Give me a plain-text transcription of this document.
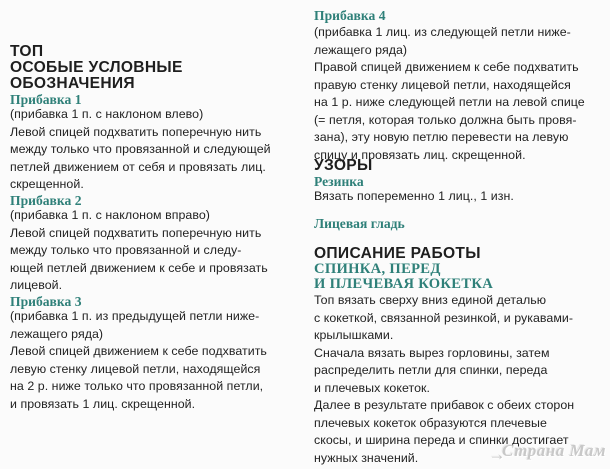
ТОП
ОСОБЫЕ УСЛОВНЫЕ
ОБОЗНАЧЕНИЯ
Прибавка 1
(прибавка 1 п. с наклоном влево)
Левой спицей подхватить поперечную нить
между только что провязанной и следующей
петлей движением от себя и провязать лиц.
скрещенной.
Прибавка 2
(прибавка 1 п. с наклоном вправо)
Левой спицей подхватить поперечную нить
между только что провязанной и следу-
ющей петлей движением к себе и провязать
лицевой.
Прибавка 3
(прибавка 1 п. из предыдущей петли ниже-
лежащего ряда)
Левой спицей движением к себе подхватить
левую стенку лицевой петли, находящейся
на 2 р. ниже только что провязанной петли,
и провязать 1 лиц. скрещенной.
Прибавка 4
(прибавка 1 лиц. из следующей петли ниже-
лежащего ряда)
Правой спицей движением к себе подхватить
правую стенку лицевой петли, находящейся
на 1 р. ниже следующей петли на левой спице
(= петля, которая только должна быть провя-
зана), эту новую петлю перевести на левую
спицу и провязать лиц. скрещенной.
УЗОРЫ
Резинка
Вязать попеременно 1 лиц., 1 изн.
Лицевая гладь
ОПИСАНИЕ РАБОТЫ
СПИНКА, ПЕРЕД
И ПЛЕЧЕВАЯ КОКЕТКА
Топ вязать сверху вниз единой деталью
с кокеткой, связанной резинкой, и рукавами-
крылышками.
Сначала вязать вырез горловины, затем
распределить петли для спинки, переда
и плечевых кокеток.
Далее в результате прибавок с обеих сторон
плечевых кокеток образуются плечевые
скосы, и ширина переда и спинки достигает
нужных значений.	Страна Мам
→
